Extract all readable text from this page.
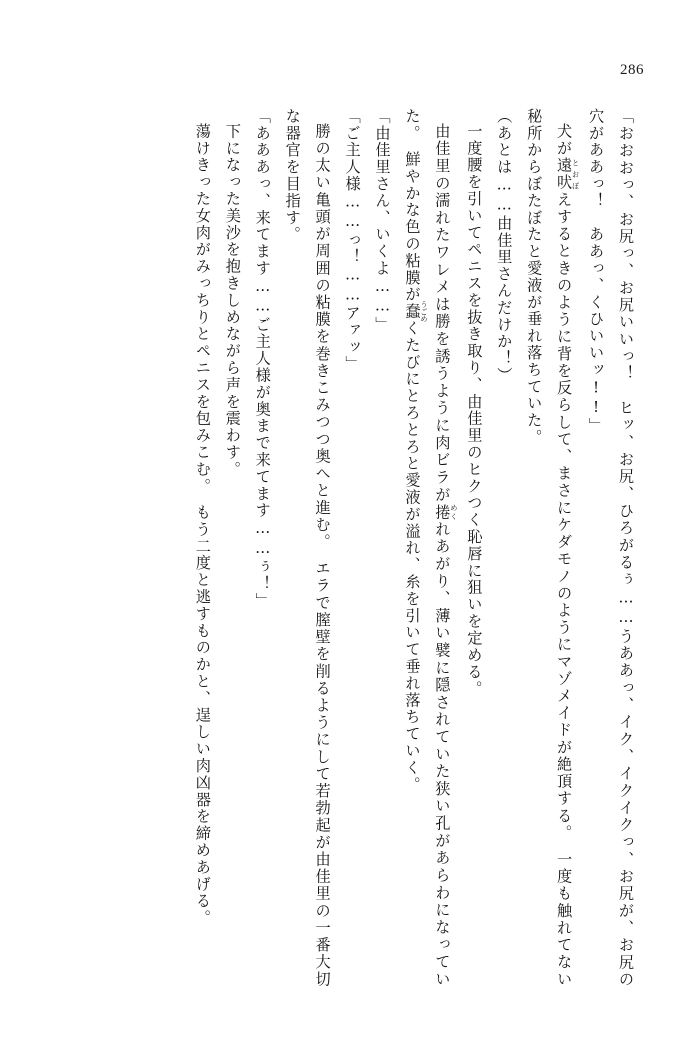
286

「おおおっ、お尻っ、お尻いいっ！　ヒッ、お尻、ひろがるぅ……うああっ、イク、イクイクっ、お尻が、お尻の穴がああっ！　ああっ、くひいいッ!!」

犬が遠吠とおぼえするときのように背を反らして、まさにケダモノのようにマゾメイドが絶頂する。　一度も触れてない秘所からぼたぼたと愛液が垂れ落ちていた。

（あとは……由佳里さんだけか！）

一度腰を引いてペニスを抜き取り、由佳里のヒクつく恥唇に狙いを定める。

由佳里の濡れたワレメは勝を誘うように肉ビラが捲めくれあがり、薄い襞に隠されていた狭い孔があらわになっていた。　鮮やかな色の粘膜が蠢うごめくたびにとろとろと愛液が溢れ、糸を引いて垂れ落ちていく。

「由佳里さん、いくよ……」

「ご主人様……っ！……アァッ」

勝の太い亀頭が周囲の粘膜を巻きこみつつ奥へと進む。　エラで膣壁を削るようにして若勃起が由佳里の一番大切な器官を目指す。

「あああっ、来てます……ご主人様が奥まで来てます……ぅ！」

下になった美沙を抱きしめながら声を震わす。

蕩けきった女肉がみっちりとペニスを包みこむ。　もう二度と逃すものかと、逞しい肉凶器を締めあげる。
